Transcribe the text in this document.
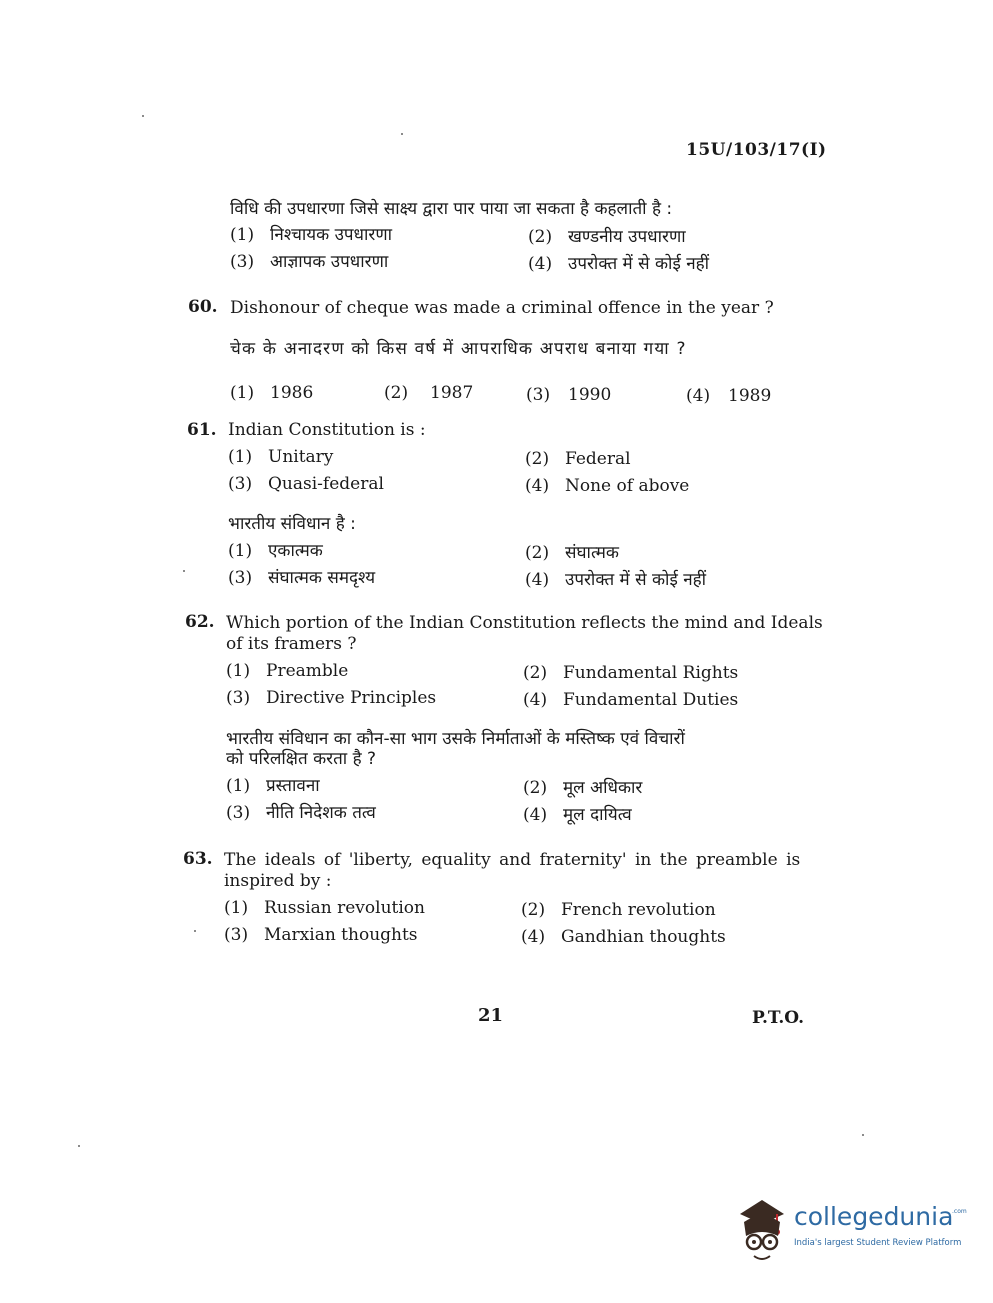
15U/103/17(I)
विधि की उपधारणा जिसे साक्ष्य द्वारा पार पाया जा सकता है कहलाती है :
(1) निश्चायक उपधारणा	(2) खण्डनीय उपधारणा
(3) आज्ञापक उपधारणा	(4) उपरोक्त में से कोई नहीं
60. Dishonour of cheque was made a criminal offence in the year ?
चेक के अनादरण को किस वर्ष में आपराधिक अपराध बनाया गया ?
(1) 1986	(2) 1987	(3) 1990	(4) 1989
61. Indian Constitution is :
(1) Unitary	(2) Federal
(3) Quasi-federal	(4) None of above
भारतीय संविधान है :
(1) एकात्मक	(2) संघात्मक
(3) संघात्मक समदृश्य	(4) उपरोक्त में से कोई नहीं
62. Which portion of the Indian Constitution reflects the mind and Ideals
of its framers ?
(1) Preamble	(2) Fundamental Rights
(3) Directive Principles	(4) Fundamental Duties
भारतीय संविधान का कौन-सा भाग उसके निर्माताओं के मस्तिष्क एवं विचारों
को परिलक्षित करता है ?
(1) प्रस्तावना	(2) मूल अधिकार
(3) नीति निदेशक तत्व	(4) मूल दायित्व
63. The ideals of 'liberty, equality and fraternity' in the preamble is
inspired by :
(1) Russian revolution	(2) French revolution
(3) Marxian thoughts	(4) Gandhian thoughts
21	P.T.O.
collegedunia
.com
India's largest Student Review Platform
